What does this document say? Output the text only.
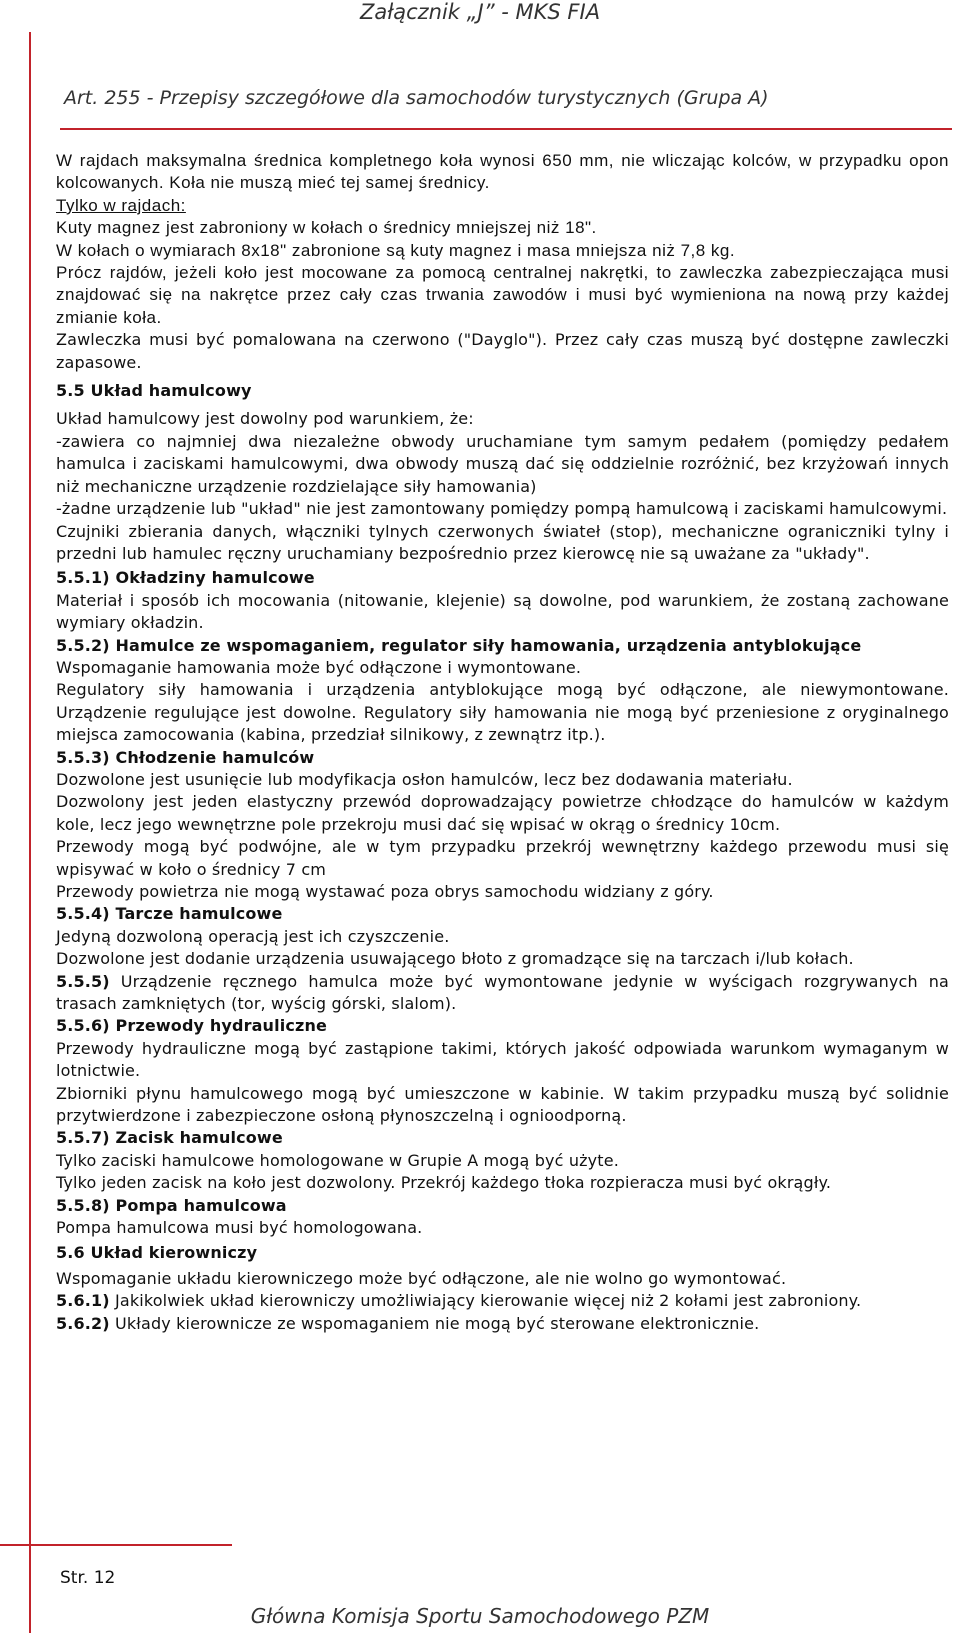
Załącznik „J” - MKS FIA
Art. 255 - Przepisy szczegółowe dla samochodów turystycznych (Grupa A)

W rajdach maksymalna średnica kompletnego koła wynosi 650 mm, nie wliczając kolców, w przypadku opon kolcowanych. Koła nie muszą mieć tej samej średnicy.

Tylko w rajdach:

Kuty magnez jest zabroniony w kołach o średnicy mniejszej niż 18".

W kołach o wymiarach 8x18" zabronione są kuty magnez i masa mniejsza niż 7,8 kg.

Prócz rajdów, jeżeli koło jest mocowane za pomocą centralnej nakrętki, to zawleczka zabezpieczająca musi znajdować się na nakrętce przez cały czas trwania zawodów i musi być wymieniona na nową przy każdej zmianie koła.

Zawleczka musi być pomalowana na czerwono ("Dayglo"). Przez cały czas muszą być dostępne zawleczki zapasowe.

5.5 Układ hamulcowy

Układ hamulcowy jest dowolny pod warunkiem, że:

-zawiera co najmniej dwa niezależne obwody uruchamiane tym samym pedałem (pomiędzy pedałem hamulca i zaciskami hamulcowymi, dwa obwody muszą dać się oddzielnie rozróżnić, bez krzyżowań innych niż mechaniczne urządzenie rozdzielające siły hamowania)

-żadne urządzenie lub "układ" nie jest zamontowany pomiędzy pompą hamulcową i zaciskami hamulcowymi.

Czujniki zbierania danych, włączniki tylnych czerwonych świateł (stop), mechaniczne ograniczniki tylny i przedni lub hamulec ręczny uruchamiany bezpośrednio przez kierowcę nie są uważane za "układy".

5.5.1) Okładziny hamulcowe

Materiał i sposób ich mocowania (nitowanie, klejenie) są dowolne, pod warunkiem, że zostaną zachowane wymiary okładzin.

5.5.2) Hamulce ze wspomaganiem, regulator siły hamowania, urządzenia antyblokujące

Wspomaganie hamowania może być odłączone i wymontowane.

Regulatory siły hamowania i urządzenia antyblokujące mogą być odłączone, ale niewymontowane. Urządzenie regulujące jest dowolne. Regulatory siły hamowania nie mogą być przeniesione z oryginalnego miejsca zamocowania (kabina, przedział silnikowy, z zewnątrz itp.).

5.5.3) Chłodzenie hamulców

Dozwolone jest usunięcie lub modyfikacja osłon hamulców, lecz bez dodawania materiału.

Dozwolony jest jeden elastyczny przewód doprowadzający powietrze chłodzące do hamulców w każdym kole, lecz jego wewnętrzne pole przekroju musi dać się wpisać w okrąg o średnicy 10cm.

Przewody mogą być podwójne, ale w tym przypadku przekrój wewnętrzny każdego przewodu musi się wpisywać w koło o średnicy 7 cm

Przewody powietrza nie mogą wystawać poza obrys samochodu widziany z góry.

5.5.4) Tarcze hamulcowe

Jedyną dozwoloną operacją jest ich czyszczenie.

Dozwolone jest dodanie urządzenia usuwającego błoto z gromadzące się na tarczach i/lub kołach.

5.5.5) Urządzenie ręcznego hamulca może być wymontowane jedynie w wyścigach rozgrywanych na trasach zamkniętych (tor, wyścig górski, slalom).

5.5.6) Przewody hydrauliczne

Przewody hydrauliczne mogą być zastąpione takimi, których jakość odpowiada warunkom wymaganym w lotnictwie.

Zbiorniki płynu hamulcowego mogą być umieszczone w kabinie. W takim przypadku muszą być solidnie przytwierdzone i zabezpieczone osłoną płynoszczelną i ognioodporną.

5.5.7) Zacisk hamulcowe

Tylko zaciski hamulcowe homologowane w Grupie A mogą być użyte.

Tylko jeden zacisk na koło jest dozwolony. Przekrój każdego tłoka rozpieracza musi być okrągły.

5.5.8) Pompa hamulcowa

Pompa hamulcowa musi być homologowana.

5.6 Układ kierowniczy

Wspomaganie układu kierowniczego może być odłączone, ale nie wolno go wymontować.

5.6.1) Jakikolwiek układ kierowniczy umożliwiający kierowanie więcej niż 2 kołami jest zabroniony.

5.6.2) Układy kierownicze ze wspomaganiem nie mogą być sterowane elektronicznie.

Str. 12
Główna Komisja Sportu Samochodowego PZM
